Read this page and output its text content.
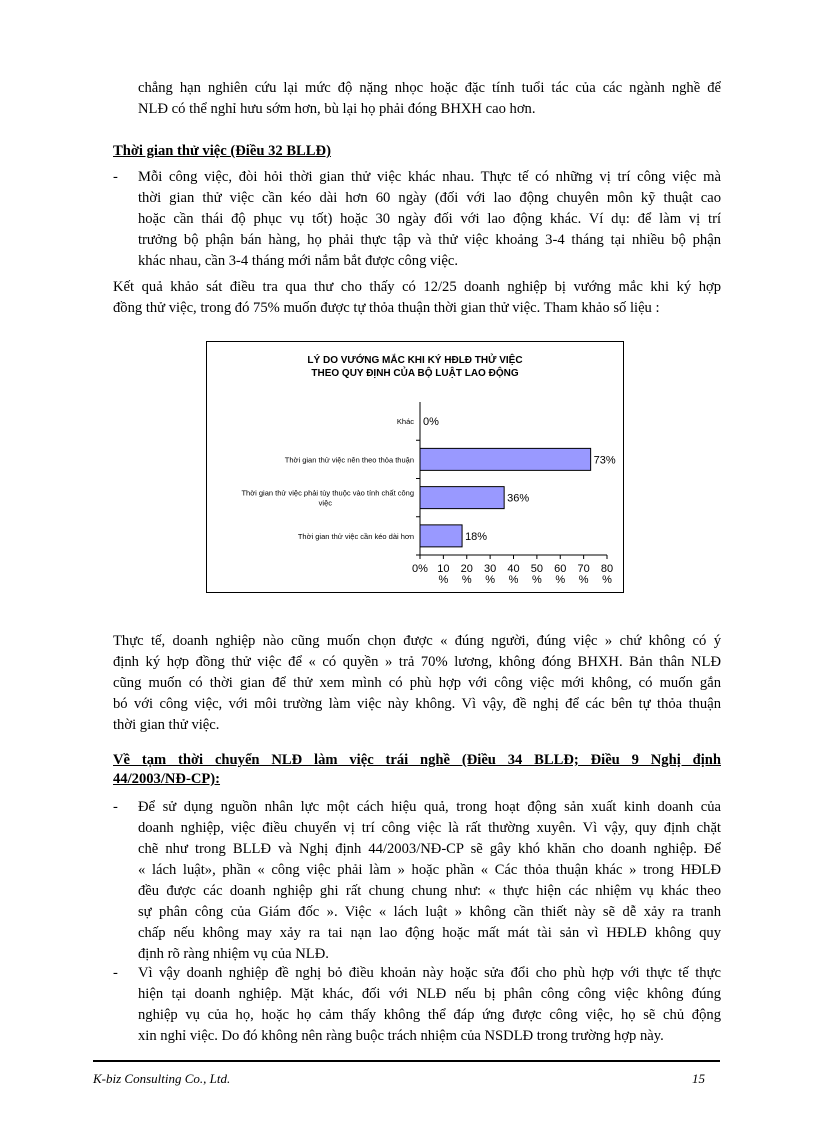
chẳng hạn nghiên cứu lại mức độ nặng nhọc hoặc đặc tính tuổi tác của các ngành nghề để
NLĐ có thể nghỉ hưu sớm hơn, bù lại họ phải đóng BHXH cao hơn.
Thời gian thử việc (Điều 32 BLLĐ)
- Mỗi công việc, đòi hỏi thời gian thử việc khác nhau. Thực tế có những vị trí công việc mà
thời gian thử việc cần kéo dài hơn 60 ngày (đối với lao động chuyên môn kỹ thuật cao
hoặc cần thái độ phục vụ tốt) hoặc 30 ngày đối với lao động khác. Ví dụ: để làm vị trí
trưởng bộ phận bán hàng, họ phải thực tập và thử việc khoảng 3-4 tháng tại nhiều bộ phận
khác nhau, cần 3-4 tháng mới nắm bắt được công việc.
Kết quả khảo sát điều tra qua thư cho thấy có 12/25 doanh nghiệp bị vướng mắc khi ký hợp
đồng thử việc, trong đó 75% muốn được tự thỏa thuận thời gian thử việc. Tham khảo số liệu :
LÝ DO VƯỚNG MẮC KHI KÝ HĐLĐ THỬ VIỆC
THEO QUY ĐỊNH CỦA BỘ LUẬT LAO ĐỘNG
0% 10 %
20 %
30 %
40 %
50 %
60 %
70 %
80 %
0%
Khác
73%
Thời gian thử việc nên theo thỏa thuận
36%
Thời gian thử việc phải tùy thuộc vào tính chất công việc
18%
Thời gian thử việc cần kéo dài hơn
Thực tế, doanh nghiệp nào cũng muốn chọn được « đúng người, đúng việc » chứ không có ý
định ký hợp đồng thử việc để « có quyền » trả 70% lương, không đóng BHXH. Bản thân NLĐ
cũng muốn có thời gian để thử xem mình có phù hợp với công việc mới không, có muốn gắn
bó với công việc, với môi trường làm việc này không. Vì vậy, đề nghị để các bên tự thỏa thuận
thời gian thử việc.
Về tạm thời chuyển NLĐ làm việc trái nghề (Điều 34 BLLĐ; Điều 9 Nghị định
44/2003/NĐ-CP):
- Để sử dụng nguồn nhân lực một cách hiệu quả, trong hoạt động sản xuất kinh doanh của
doanh nghiệp, việc điều chuyển vị trí công việc là rất thường xuyên. Vì vậy, quy định chặt
chẽ như trong BLLĐ và Nghị định 44/2003/NĐ-CP sẽ gây khó khăn cho doanh nghiệp. Để
« lách luật», phần « công việc phải làm » hoặc phần « Các thỏa thuận khác » trong HĐLĐ
đều được các doanh nghiệp ghi rất chung chung như: « thực hiện các nhiệm vụ khác theo
sự phân công của Giám đốc ». Việc « lách luật » không cần thiết này sẽ dễ xảy ra tranh
chấp nếu không may xảy ra tai nạn lao động hoặc mất mát tài sản vì HĐLĐ không quy
định rõ ràng nhiệm vụ của NLĐ.
- Vì vậy doanh nghiệp đề nghị bỏ điều khoản này hoặc sửa đổi cho phù hợp với thực tế thực
hiện tại doanh nghiệp. Mặt khác, đối với NLĐ nếu bị phân công công việc không đúng
nghiệp vụ của họ, hoặc họ cảm thấy không thể đáp ứng được công việc, họ sẽ chủ động
xin nghỉ việc. Do đó không nên ràng buộc trách nhiệm của NSDLĐ trong trường hợp này.
K-biz Consulting Co., Ltd.	15
